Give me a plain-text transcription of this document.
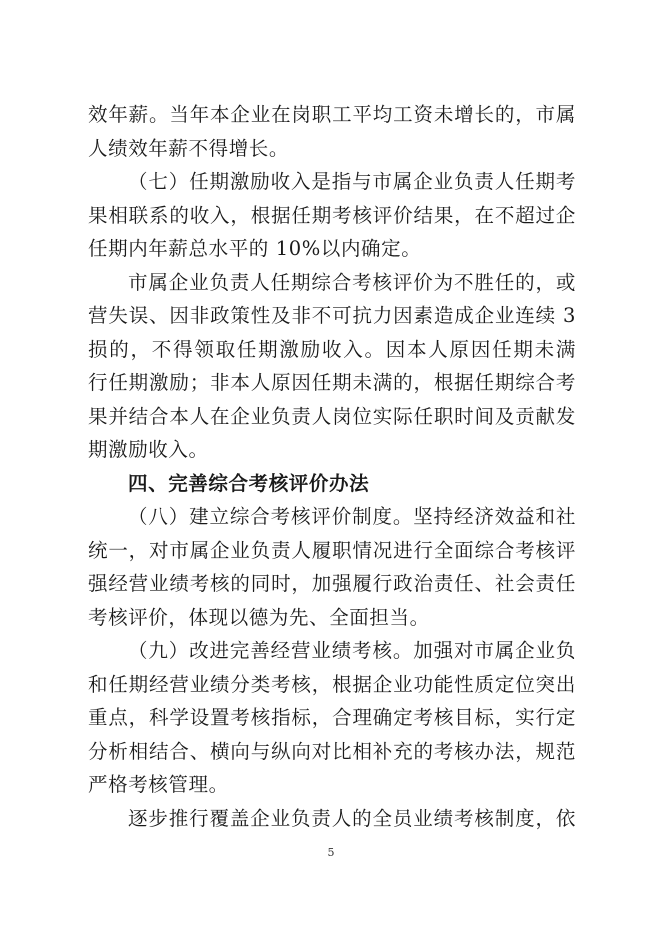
效年薪。当年本企业在岗职工平均工资未增长的，市属
人绩效年薪不得增长。
（七）任期激励收入是指与市属企业负责人任期考
果相联系的收入，根据任期考核评价结果，在不超过企
任期内年薪总水平的 10%以内确定。
市属企业负责人任期综合考核评价为不胜任的，或
营失误、因非政策性及非不可抗力因素造成企业连续 3
损的，不得领取任期激励收入。因本人原因任期未满
行任期激励；非本人原因任期未满的，根据任期综合考
果并结合本人在企业负责人岗位实际任职时间及贡献发
期激励收入。
四、完善综合考核评价办法
（八）建立综合考核评价制度。坚持经济效益和社
统一，对市属企业负责人履职情况进行全面综合考核评
强经营业绩考核的同时，加强履行政治责任、社会责任
考核评价，体现以德为先、全面担当。
（九）改进完善经营业绩考核。加强对市属企业负
和任期经营业绩分类考核，根据企业功能性质定位突出
重点，科学设置考核指标，合理确定考核目标，实行定
分析相结合、横向与纵向对比相补充的考核办法，规范
严格考核管理。
逐步推行覆盖企业负责人的全员业绩考核制度，依
5
